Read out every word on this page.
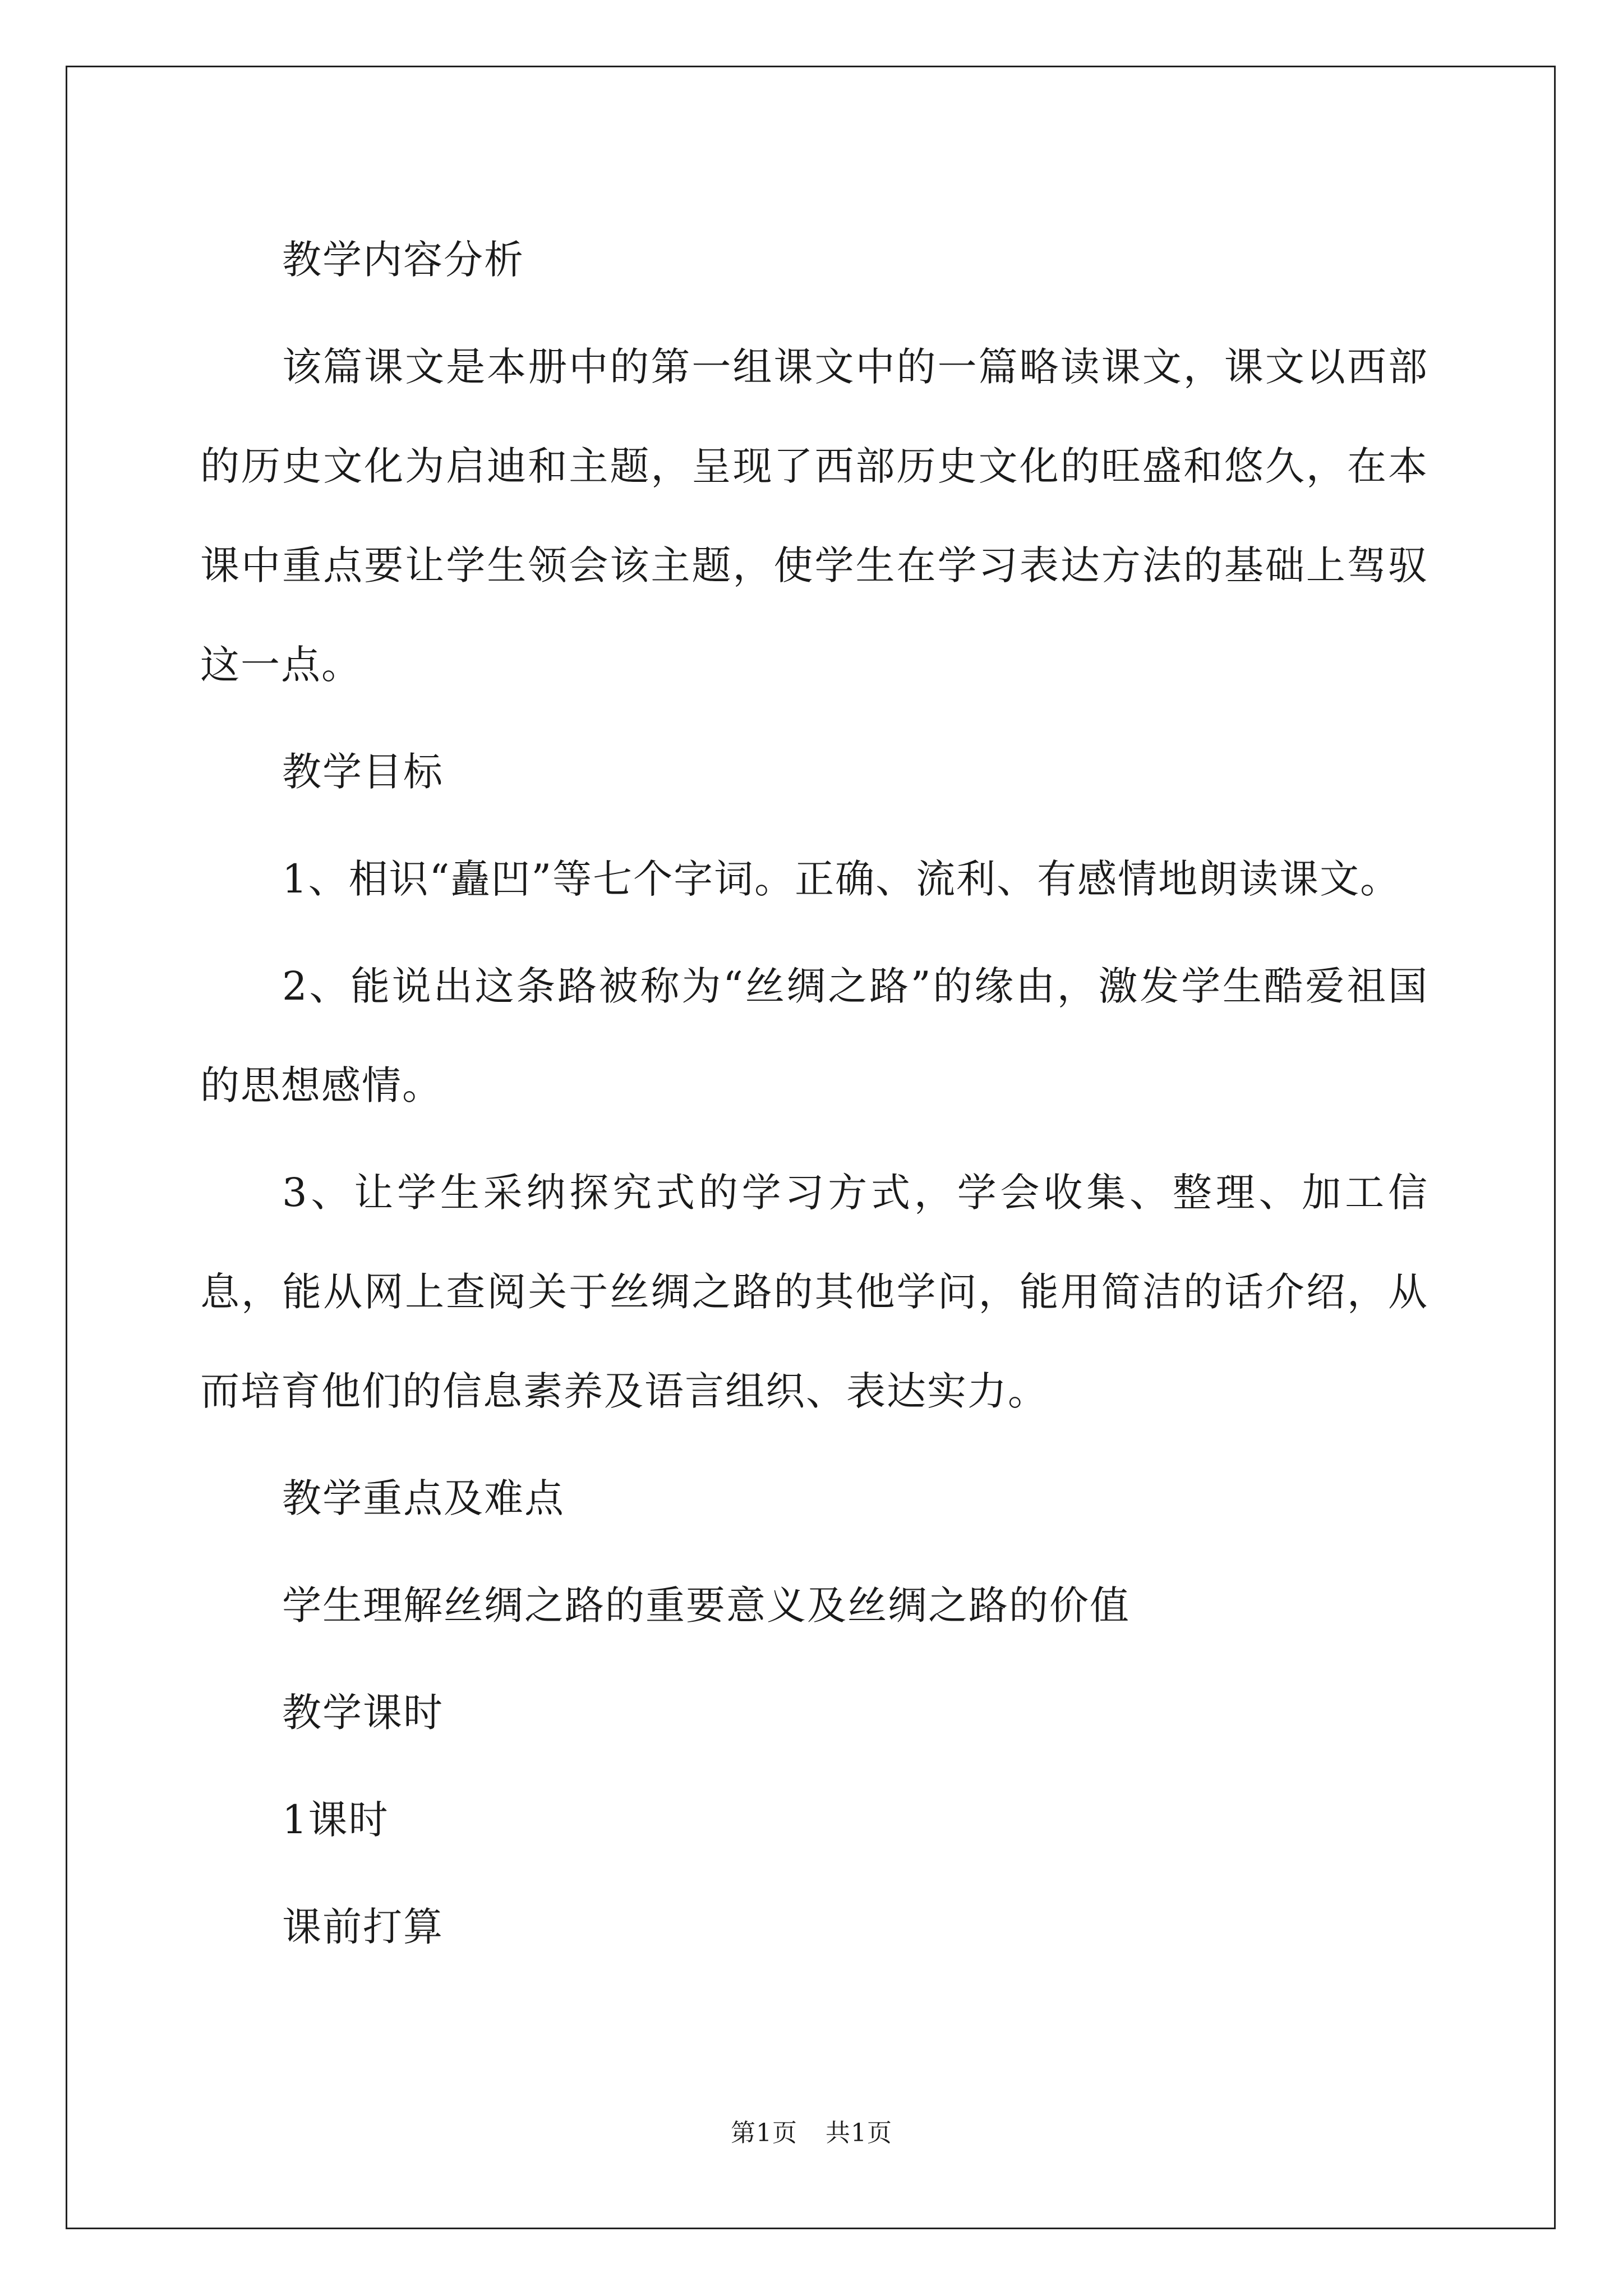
教学内容分析

该篇课文是本册中的第一组课文中的一篇略读课文，课文以西部的历史文化为启迪和主题，呈现了西部历史文化的旺盛和悠久，在本课中重点要让学生领会该主题，使学生在学习表达方法的基础上驾驭这一点。

教学目标

1、相识“矗凹”等七个字词。正确、流利、有感情地朗读课文。

2、能说出这条路被称为“丝绸之路”的缘由，激发学生酷爱祖国的思想感情。

3、让学生采纳探究式的学习方式，学会收集、整理、加工信息，能从网上查阅关于丝绸之路的其他学问，能用简洁的话介绍，从而培育他们的信息素养及语言组织、表达实力。

教学重点及难点

学生理解丝绸之路的重要意义及丝绸之路的价值

教学课时

1课时

课前打算

第1页 共1页
